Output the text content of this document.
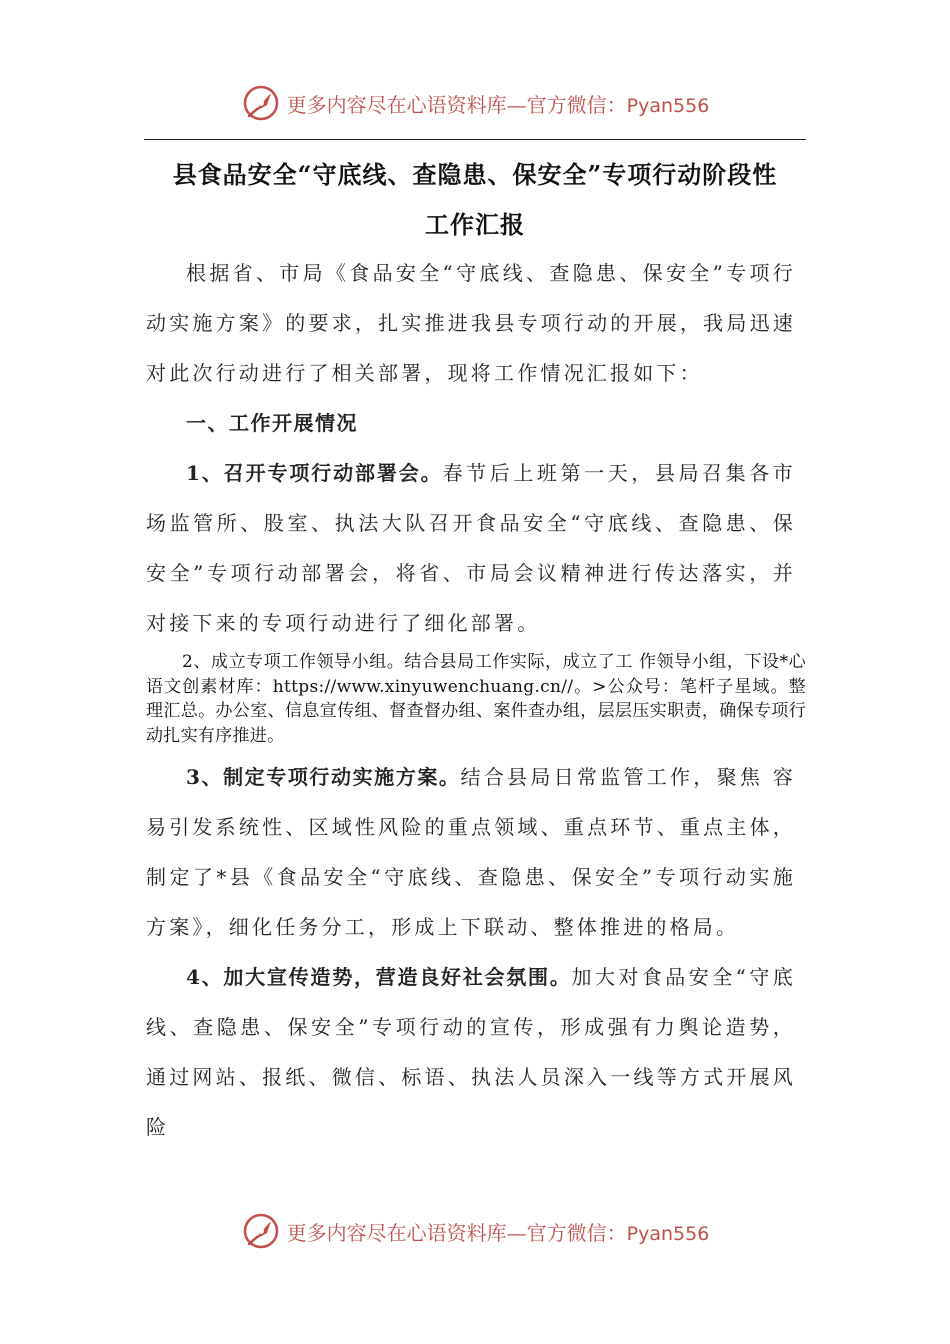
更多内容尽在心语资料库—官方微信：Pyan556
县食品安全“守底线、查隐患、保安全”专项行动阶段性
工作汇报

根据省、市局《食品安全“守底线、查隐患、保安全”专项行动实施方案》的要求，扎实推进我县专项行动的开展，我局迅速对此次行动进行了相关部署，现将工作情况汇报如下：

一、工作开展情况

1、召开专项行动部署会。春节后上班第一天，县局召集各市场监管所、股室、执法大队召开食品安全“守底线、查隐患、保安全”专项行动部署会，将省、市局会议精神进行传达落实，并对接下来的专项行动进行了细化部署。

2、成立专项工作领导小组。结合县局工作实际，成立了工 作领导小组，下设*心语文创素材库：https://www.xinyuwenchuang.cn//。>公众号：笔杆子星域。整理汇总。办公室、信息宣传组、督查督办组、案件查办组，层层压实职责，确保专项行动扎实有序推进。

3、制定专项行动实施方案。结合县局日常监管工作，聚焦 容易引发系统性、区域性风险的重点领域、重点环节、重点主体，制定了*县《食品安全“守底线、查隐患、保安全”专项行动实施方案》，细化任务分工，形成上下联动、整体推进的格局。

4、加大宣传造势，营造良好社会氛围。加大对食品安全“守底线、查隐患、保安全”专项行动的宣传，形成强有力舆论造势，通过网站、报纸、微信、标语、执法人员深入一线等方式开展风险

更多内容尽在心语资料库—官方微信：Pyan556
